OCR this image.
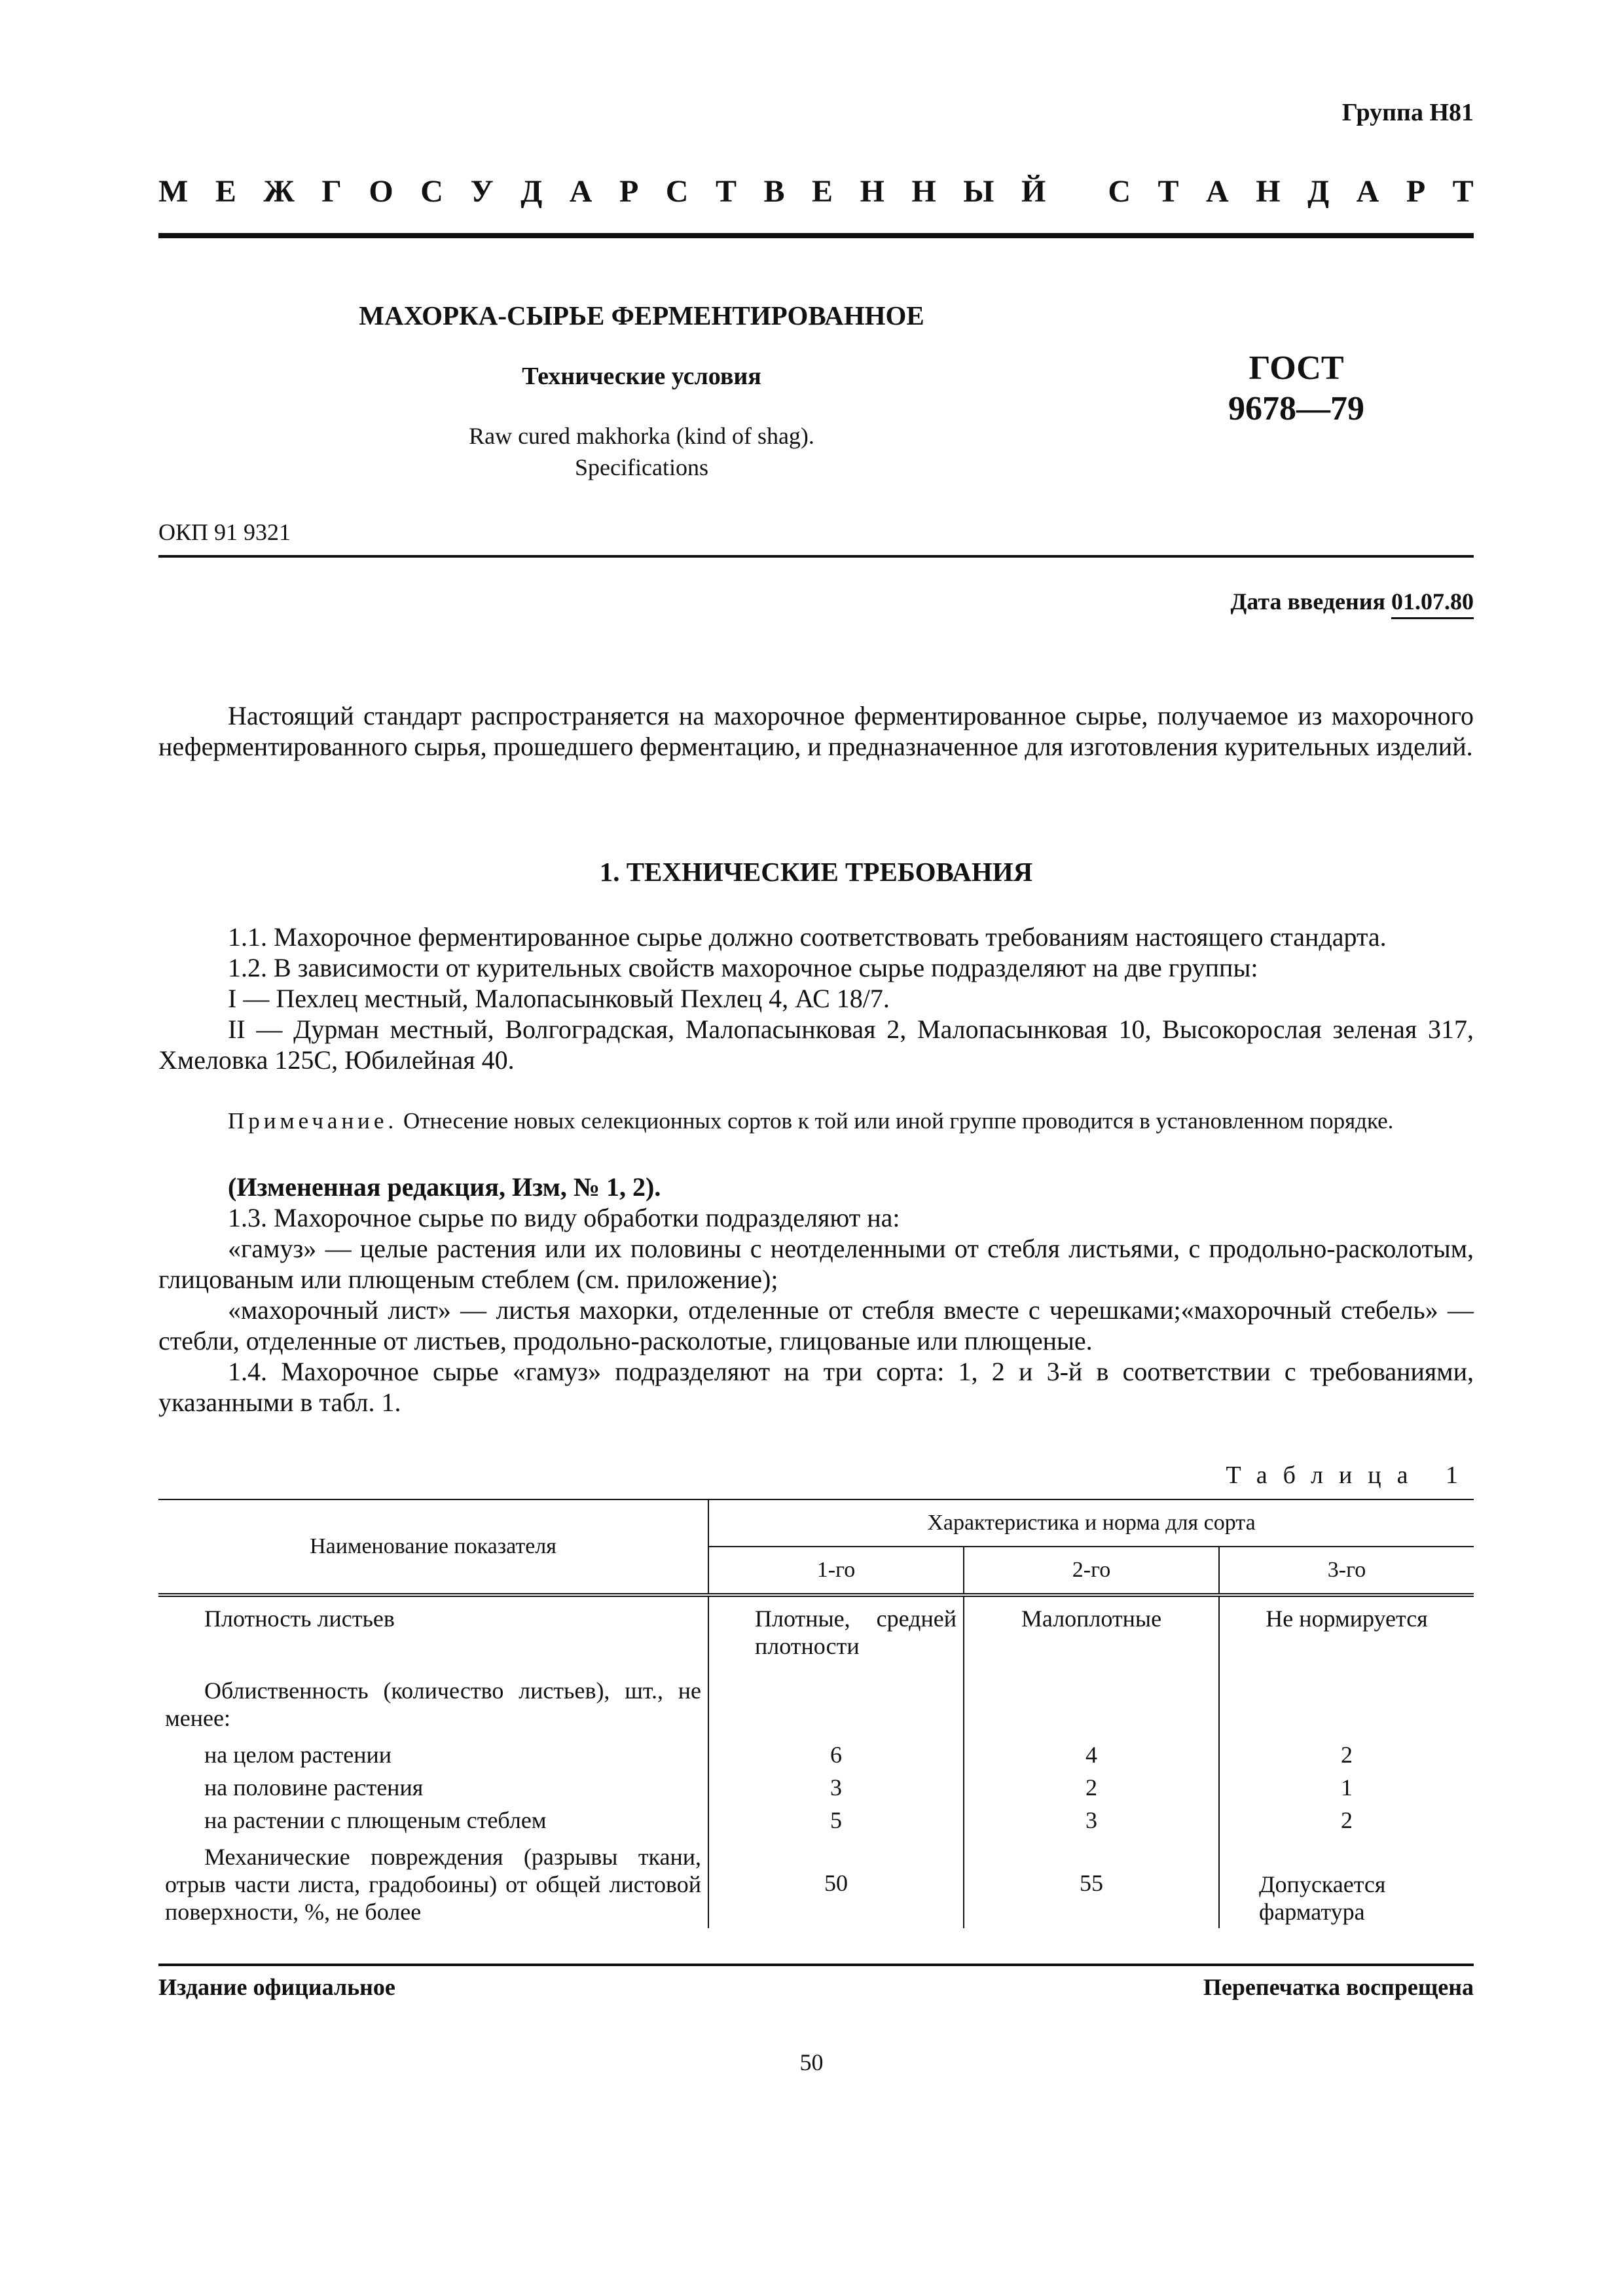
Группа Н81
М Е Ж Г О С У Д А Р С Т В Е Н Н Ы Й
С Т А Н Д А Р Т
МАХОРКА-СЫРЬЕ ФЕРМЕНТИРОВАННОЕ
Технические условия
Raw cured makhorka (kind of shag).
Specifications
ГОСТ
9678—79
ОКП 91 9321
Дата введения 01.07.80
Настоящий стандарт распространяется на махорочное ферментированное сырье, получаемое из махорочного неферментированного сырья, прошедшего ферментацию, и предназначенное для изготовления курительных изделий.
1. ТЕХНИЧЕСКИЕ ТРЕБОВАНИЯ
1.1. Махорочное ферментированное сырье должно соответствовать требованиям настоящего стандарта.
1.2. В зависимости от курительных свойств махорочное сырье подразделяют на две группы:
I — Пехлец местный, Малопасынковый Пехлец 4, АС 18/7.
II — Дурман местный, Волгоградская, Малопасынковая 2, Малопасынковая 10, Высокорослая зеленая 317, Хмеловка 125С, Юбилейная 40.
Примечание. Отнесение новых селекционных сортов к той или иной группе проводится в установленном порядке.
(Измененная редакция, Изм, № 1, 2).
1.3. Махорочное сырье по виду обработки подразделяют на:
«гамуз» — целые растения или их половины с неотделенными от стебля листьями, с продольно-расколотым, глицованым или плющеным стеблем (см. приложение);
«махорочный лист» — листья махорки, отделенные от стебля вместе с черешками;«махорочный стебель» — стебли, отделенные от листьев, продольно-расколотые, глицованые или плющеные.
1.4. Махорочное сырье «гамуз» подразделяют на три сорта: 1, 2 и 3-й в соответствии с требованиями, указанными в табл. 1.
Таблица 1
Наименование показателя	Характеристика и норма для сорта		
	1-го	2-го	3-го
Плотность листьев	Плотные, средней плотности	Малоплотные	Не нормируется
Облиственность (количество листьев), шт., не менее:			
на целом растении	6	4	2
на половине растения	3	2	1
на растении с плющеным стеблем	5	3	2
Механические повреждения (разрывы ткани, отрыв части листа, градобоины) от общей листовой поверхности, %, не более	50	55	Допускается фарматура
Издание официальное	Перепечатка воспрещена
50
